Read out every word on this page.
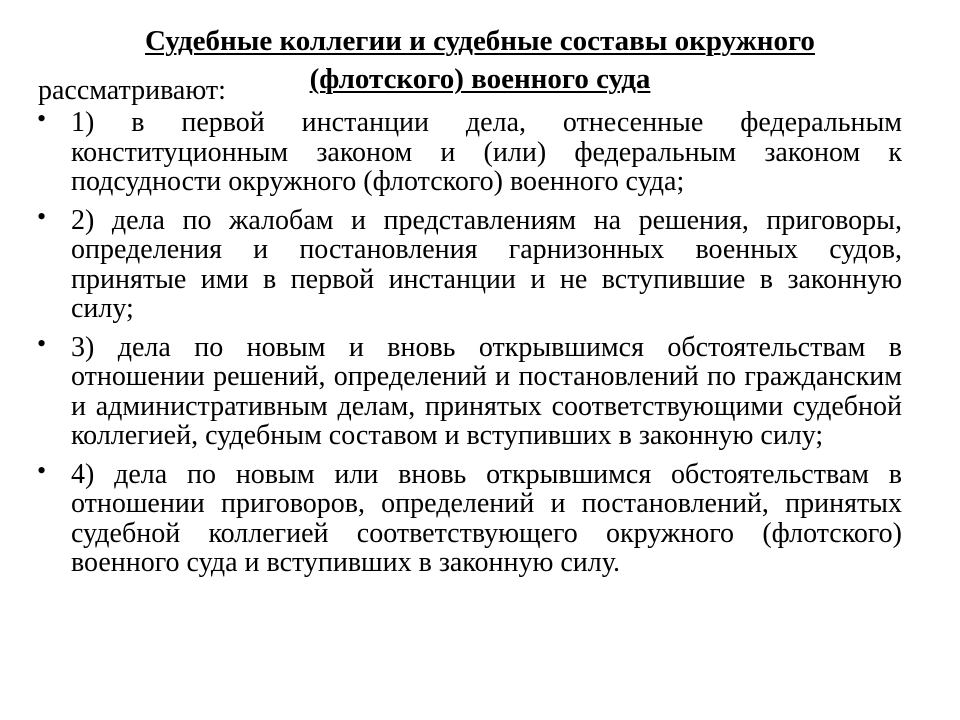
Судебные коллегии и судебные составы окружного
(флотского) военного суда
рассматривают:
• 1) в первой инстанции дела, отнесенные федеральным конституционным законом и (или) федеральным законом к подсудности окружного (флотского) военного суда;
• 2) дела по жалобам и представлениям на решения, приговоры, определения и постановления гарнизонных военных судов, принятые ими в первой инстанции и не вступившие в законную силу;
• 3) дела по новым и вновь открывшимся обстоятельствам в отношении решений, определений и постановлений по гражданским и административным делам, принятых соответствующими судебной коллегией, судебным составом и вступивших в законную силу;
• 4) дела по новым или вновь открывшимся обстоятельствам в отношении приговоров, определений и постановлений, принятых судебной коллегией соответствующего окружного (флотского) военного суда и вступивших в законную силу.
